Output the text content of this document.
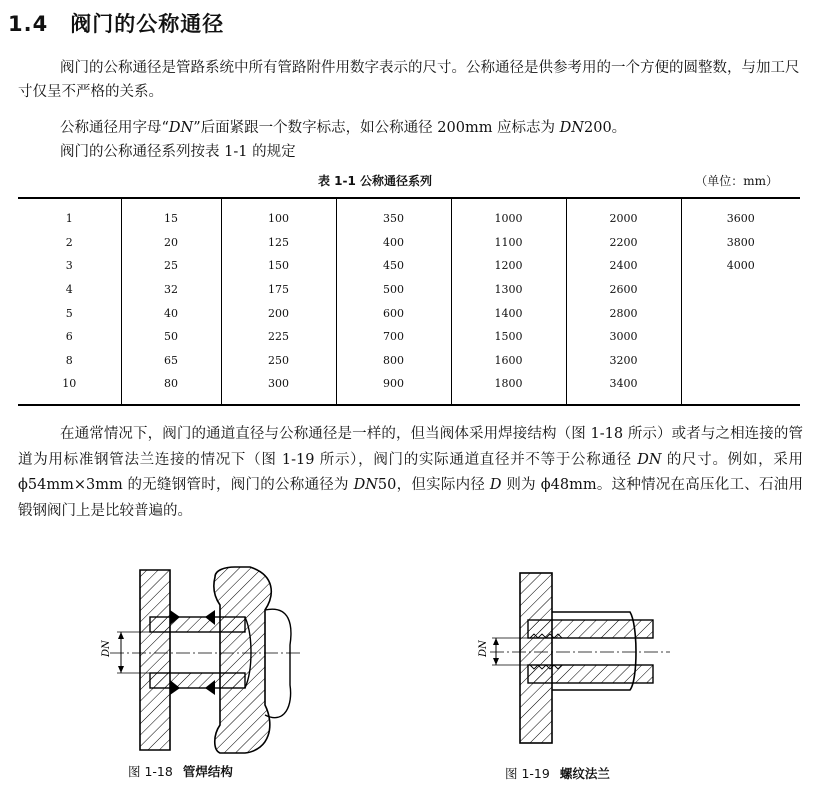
1.4 阀门的公称通径
阀门的公称通径是管路系统中所有管路附件用数字表示的尺寸。公称通径是供参考用的一个方便的圆整数，与加工尺寸仅呈不严格的关系。
公称通径用字母“DN”后面紧跟一个数字标志，如公称通径 200mm 应标志为 DN200。
阀门的公称通径系列按表 1-1 的规定
表 1-1 公称通径系列	（单位：mm）
1	15	100	350	1000	2000	3600
2	20	125	400	1100	2200	3800
3	25	150	450	1200	2400	4000
4	32	175	500	1300	2600	
5	40	200	600	1400	2800	
6	50	225	700	1500	3000	
8	65	250	800	1600	3200	
10	80	300	900	1800	3400	
在通常情况下，阀门的通道直径与公称通径是一样的，但当阀体采用焊接结构（图 1-18 所示）或者与之相连接的管道为用标准钢管法兰连接的情况下（图 1-19 所示），阀门的实际通道直径并不等于公称通径 DN 的尺寸。例如，采用 ϕ54mm×3mm 的无缝钢管时，阀门的公称通径为 DN50，但实际内径 D 则为 ϕ48mm。这种情况在高压化工、石油用锻钢阀门上是比较普遍的。
DN
图 1-18 管焊结构
DN
图 1-19 螺纹法兰
